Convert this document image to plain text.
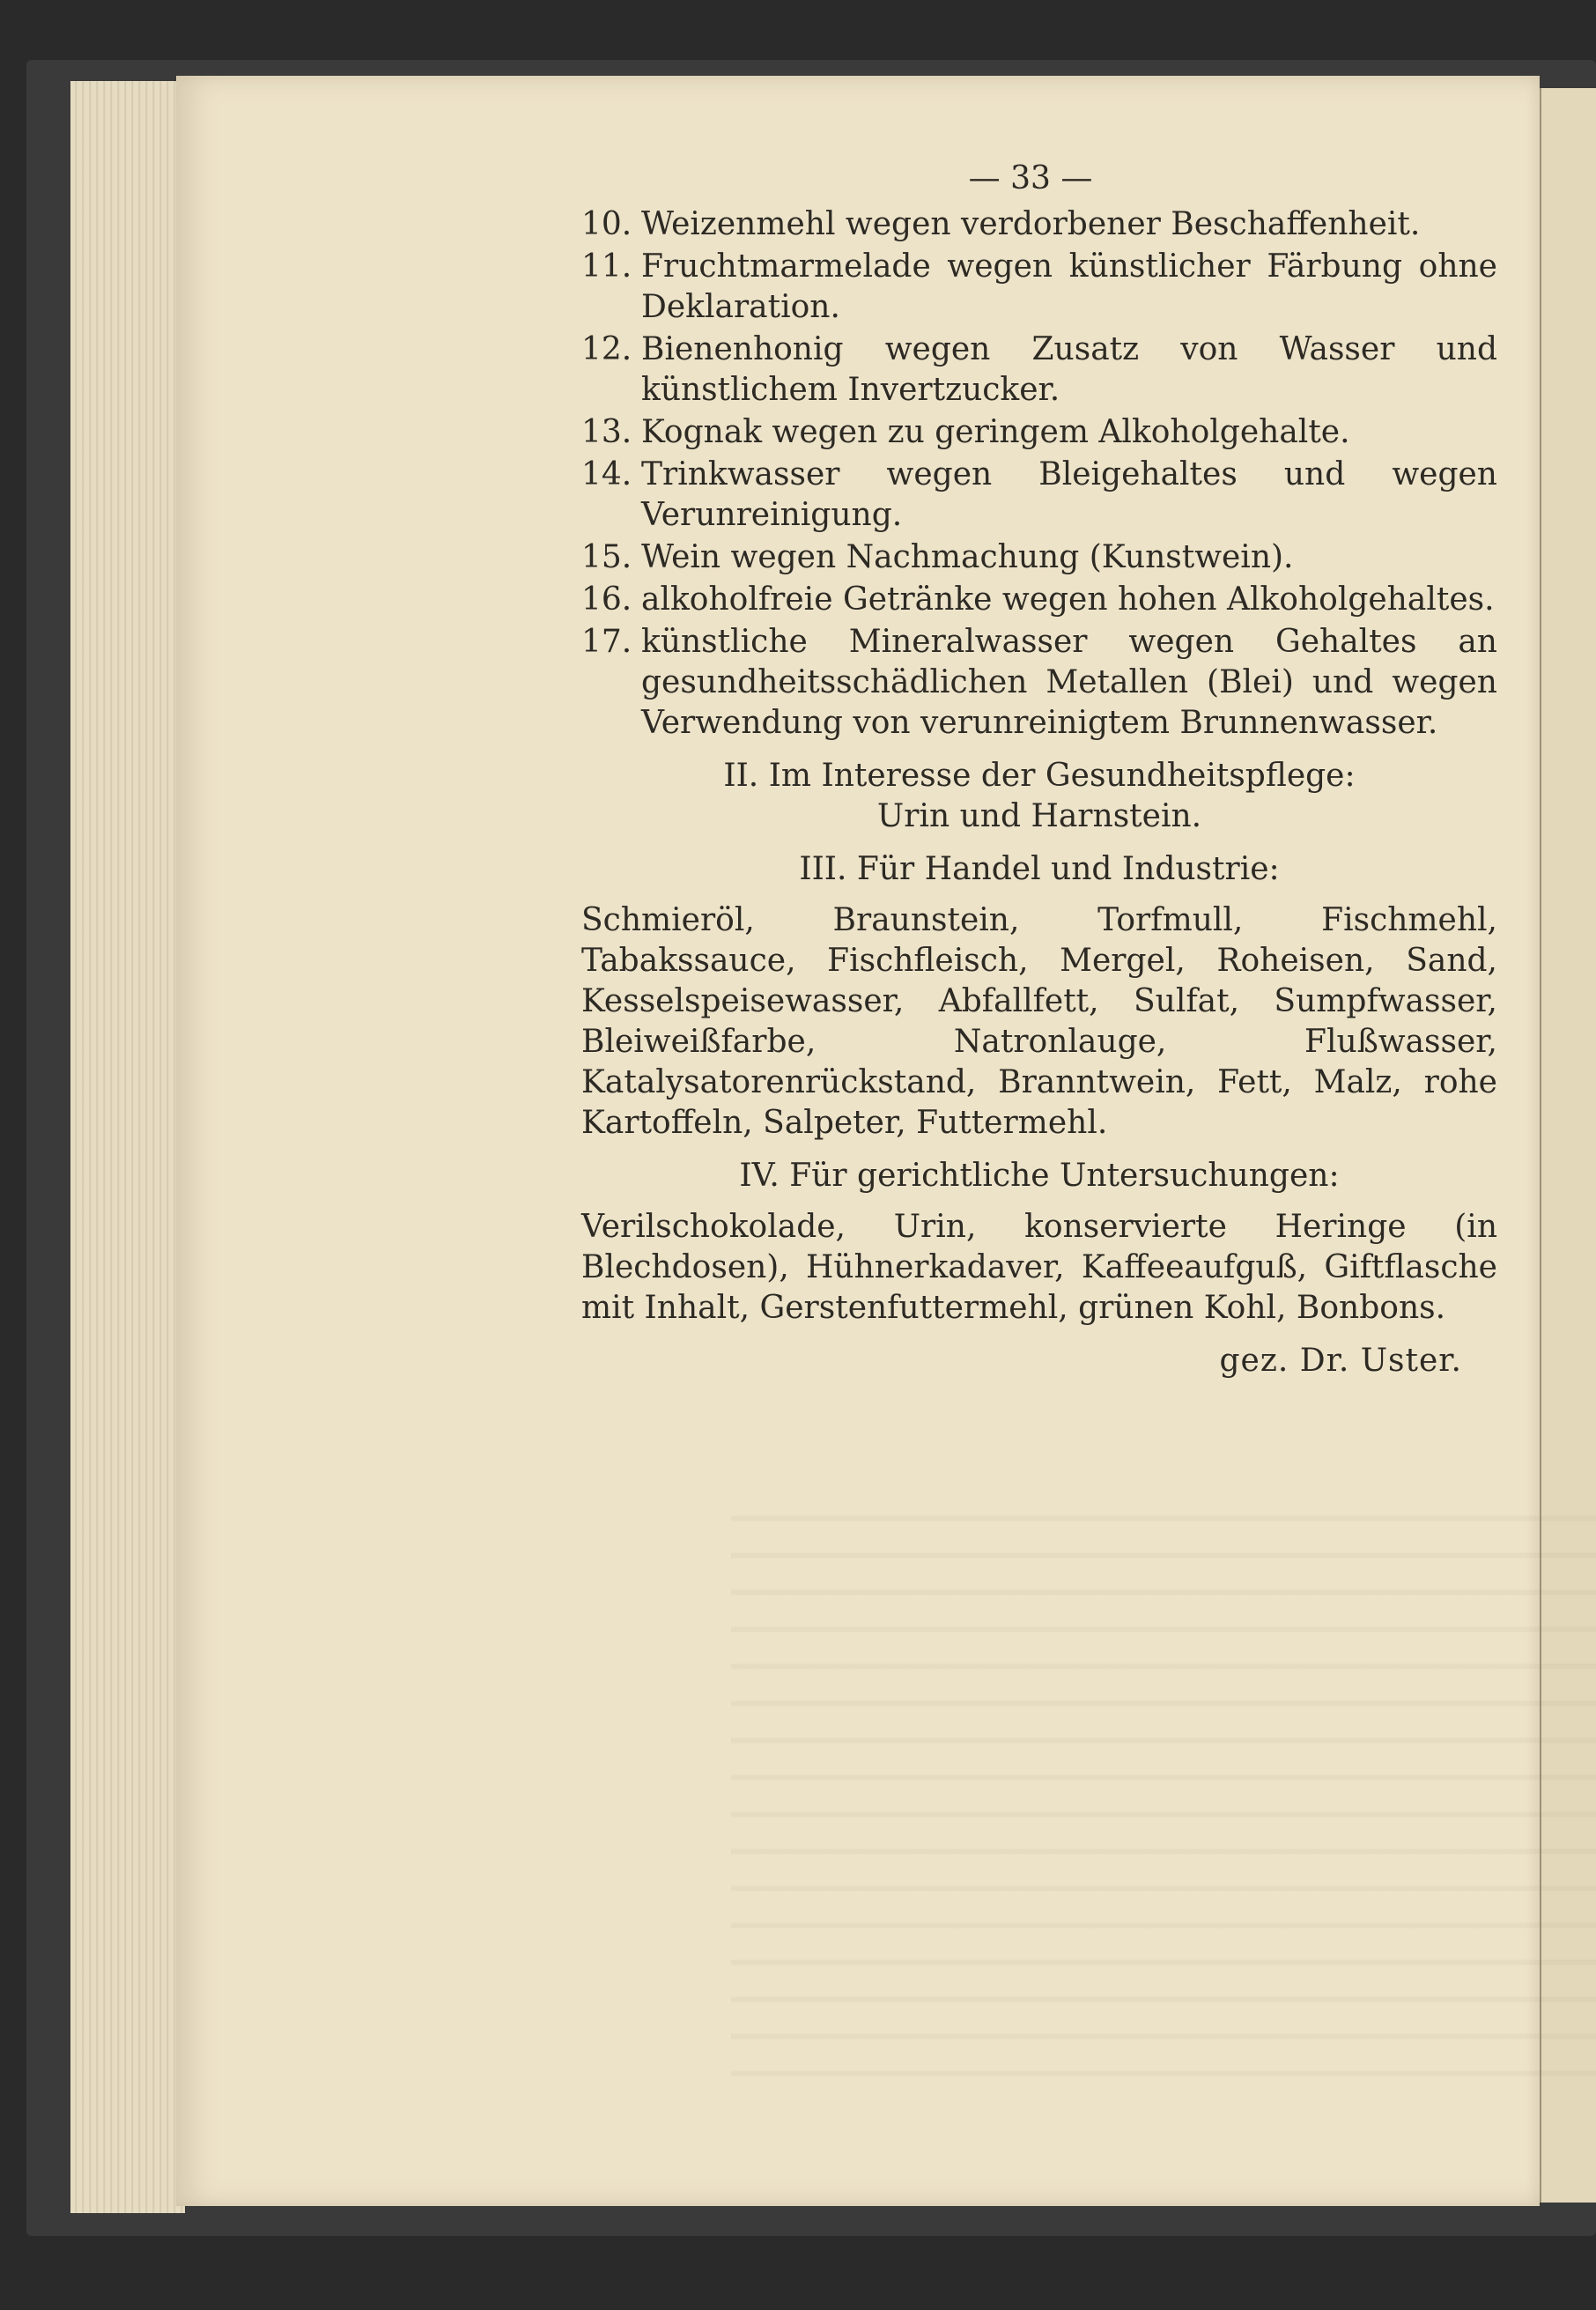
— 33 —
10. Weizenmehl wegen verdorbener Beschaffenheit.
11. Fruchtmarmelade wegen künstlicher Färbung ohne Deklaration.
12. Bienenhonig wegen Zusatz von Wasser und künstlichem Invertzucker.
13. Kognak wegen zu geringem Alkoholgehalte.
14. Trinkwasser wegen Bleigehaltes und wegen Verunreinigung.
15. Wein wegen Nachmachung (Kunstwein).
16. alkoholfreie Getränke wegen hohen Alkoholgehaltes.
17. künstliche Mineralwasser wegen Gehaltes an gesundheitsschädlichen Metallen (Blei) und wegen Verwendung von verunreinigtem Brunnenwasser.
II. Im Interesse der Gesundheitspflege:
Urin und Harnstein.
III. Für Handel und Industrie:
Schmieröl, Braunstein, Torfmull, Fischmehl, Tabakssauce, Fischfleisch, Mergel, Roheisen, Sand, Kesselspeisewasser, Abfallfett, Sulfat, Sumpfwasser, Bleiweißfarbe, Natronlauge, Flußwasser, Katalysatorenrückstand, Branntwein, Fett, Malz, rohe Kartoffeln, Salpeter, Futtermehl.
IV. Für gerichtliche Untersuchungen:
Verilschokolade, Urin, konservierte Heringe (in Blechdosen), Hühnerkadaver, Kaffeeaufguß, Giftflasche mit Inhalt, Gerstenfuttermehl, grünen Kohl, Bonbons.
gez. Dr. Uster.
